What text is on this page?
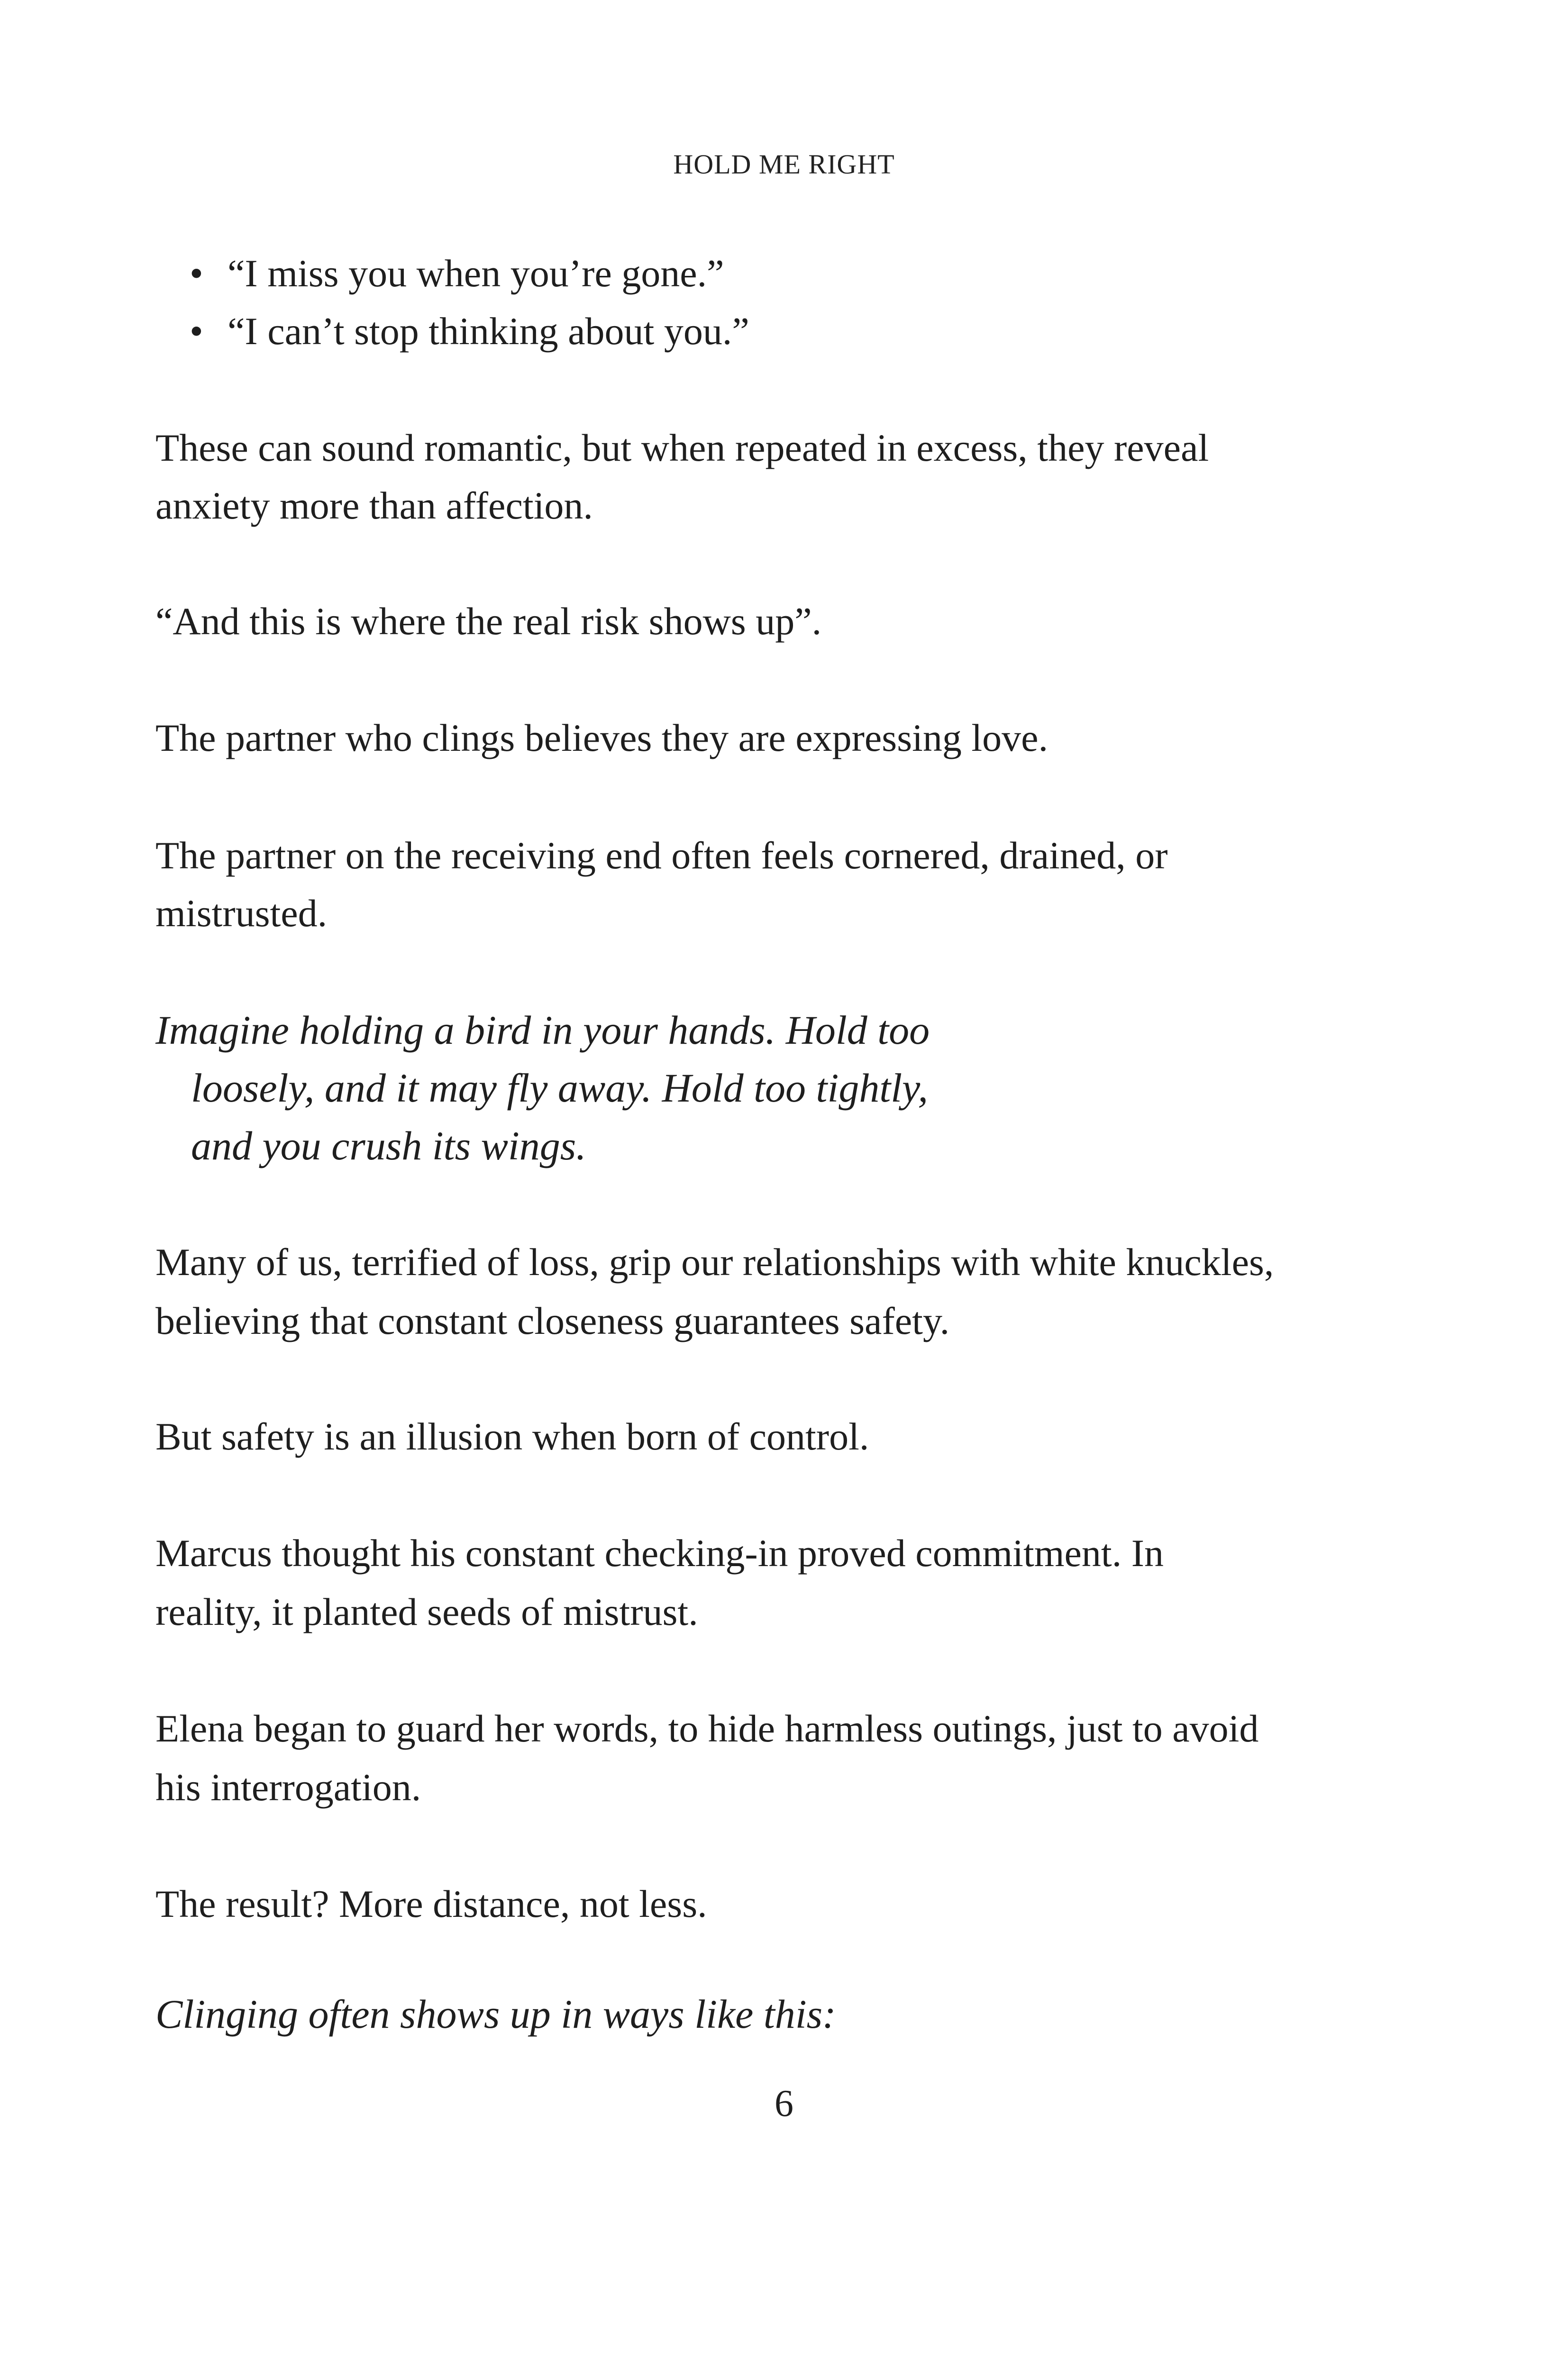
HOLD ME RIGHT
• “I miss you when you’re gone.”
• “I can’t stop thinking about you.”
These can sound romantic, but when repeated in excess, they reveal
anxiety more than affection.
“And this is where the real risk shows up”.
The partner who clings believes they are expressing love.
The partner on the receiving end often feels cornered, drained, or
mistrusted.
Imagine holding a bird in your hands. Hold too
loosely, and it may fly away. Hold too tightly,
and you crush its wings.
Many of us, terrified of loss, grip our relationships with white knuckles,
believing that constant closeness guarantees safety.
But safety is an illusion when born of control.
Marcus thought his constant checking-in proved commitment. In
reality, it planted seeds of mistrust.
Elena began to guard her words, to hide harmless outings, just to avoid
his interrogation.
The result? More distance, not less.
Clinging often shows up in ways like this:
6
